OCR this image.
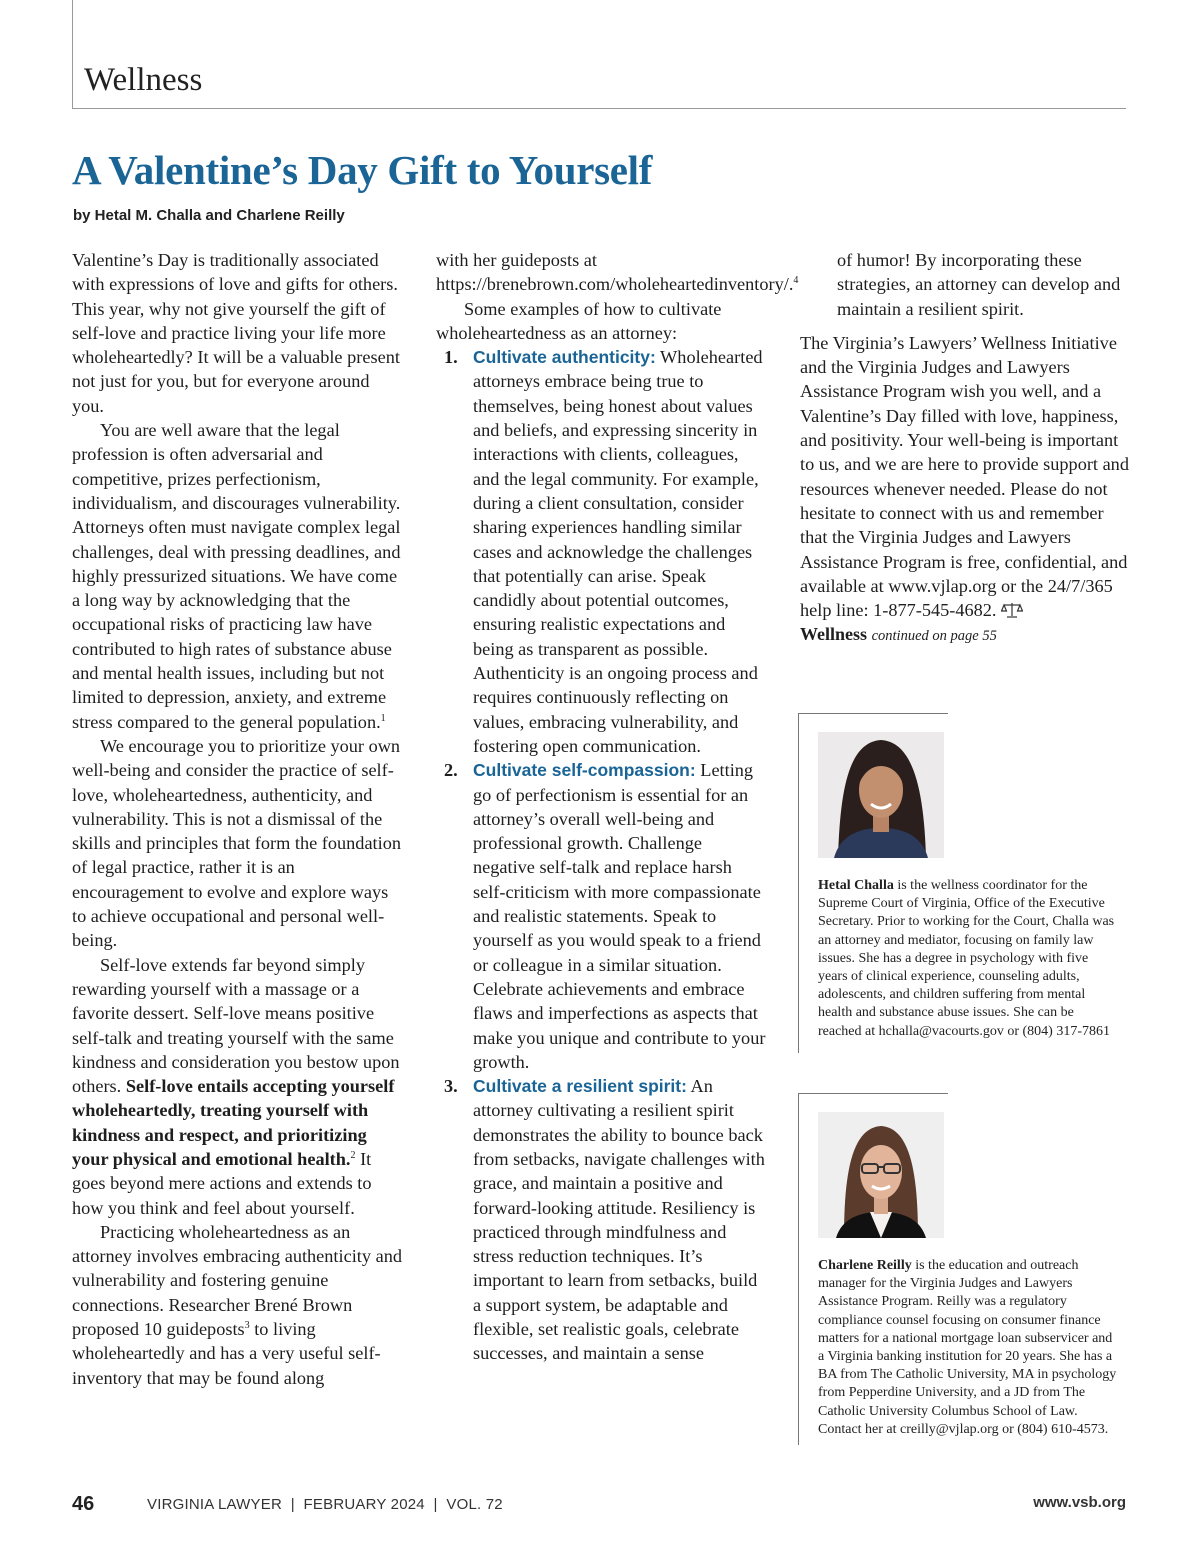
Wellness
A Valentine’s Day Gift to Yourself
by Hetal M. Challa and Charlene Reilly

Valentine’s Day is traditionally associated with expressions of love and gifts for others. This year, why not give yourself the gift of self-love and practice living your life more wholeheartedly? It will be a valuable present not just for you, but for everyone around you.

You are well aware that the legal profession is often adversarial and competitive, prizes perfectionism, individualism, and discourages vulnerability. Attorneys often must navigate complex legal challenges, deal with pressing deadlines, and highly pressurized situations. We have come a long way by acknowledging that the occupational risks of practicing law have contributed to high rates of substance abuse and mental health issues, including but not limited to depression, anxiety, and extreme stress compared to the general population.$^1$

We encourage you to prioritize your own well-being and consider the practice of self-love, wholeheartedness, authenticity, and vulnerability. This is not a dismissal of the skills and principles that form the foundation of legal practice, rather it is an encouragement to evolve and explore ways to achieve occupational and personal well-being.

Self-love extends far beyond simply rewarding yourself with a massage or a favorite dessert. Self-love means positive self-talk and treating yourself with the same kindness and consideration you bestow upon others. Self-love entails accepting yourself wholeheartedly, treating yourself with kindness and respect, and prioritizing your physical and emotional health.$^2$ It goes beyond mere actions and extends to how you think and feel about yourself.

Practicing wholeheartedness as an attorney involves embracing authenticity and vulnerability and fostering genuine connections. Researcher Brené Brown proposed 10 guideposts$^3$ to living wholeheartedly and has a very useful self-inventory that may be found along

with her guideposts at https://brenebrown.com/wholeheartedinventory/.$^4$

Some examples of how to cultivate wholeheartedness as an attorney:

1. Cultivate authenticity: Wholehearted attorneys embrace being true to themselves, being honest about values and beliefs, and expressing sincerity in interactions with clients, colleagues, and the legal community. For example, during a client consultation, consider sharing experiences handling similar cases and acknowledge the challenges that potentially can arise. Speak candidly about potential outcomes, ensuring realistic expectations and being as transparent as possible. Authenticity is an ongoing process and requires continuously reflecting on values, embracing vulnerability, and fostering open communication.
2. Cultivate self-compassion: Letting go of perfectionism is essential for an attorney’s overall well-being and professional growth. Challenge negative self-talk and replace harsh self-criticism with more compassionate and realistic statements. Speak to yourself as you would speak to a friend or colleague in a similar situation. Celebrate achievements and embrace flaws and imperfections as aspects that make you unique and contribute to your growth.
3. Cultivate a resilient spirit: An attorney cultivating a resilient spirit demonstrates the ability to bounce back from setbacks, navigate challenges with grace, and maintain a positive and forward-looking attitude. Resiliency is practiced through mindfulness and stress reduction techniques. It’s important to learn from setbacks, build a support system, be adaptable and flexible, set realistic goals, celebrate successes, and maintain a sense

of humor! By incorporating these strategies, an attorney can develop and maintain a resilient spirit.

The Virginia’s Lawyers’ Wellness Initiative and the Virginia Judges and Lawyers Assistance Program wish you well, and a Valentine’s Day filled with love, happiness, and positivity. Your well-being is important to us, and we are here to provide support and resources whenever needed. Please do not hesitate to connect with us and remember that the Virginia Judges and Lawyers Assistance Program is free, confidential, and available at www.vjlap.org or the 24/7/365 help line: 1-877-545-4682.

Wellness continued on page 55

Hetal Challa is the wellness coordinator for the Supreme Court of Virginia, Office of the Executive Secretary. Prior to working for the Court, Challa was an attorney and mediator, focusing on family law issues. She has a degree in psychology with five years of clinical experience, counseling adults, adolescents, and children suffering from mental health and substance abuse issues. She can be reached at hchalla@vacourts.gov or (804) 317-7861
Charlene Reilly is the education and outreach manager for the Virginia Judges and Lawyers Assistance Program. Reilly was a regulatory compliance counsel focusing on consumer finance matters for a national mortgage loan subservicer and a Virginia banking institution for 20 years. She has a BA from The Catholic University, MA in psychology from Pepperdine University, and a JD from The Catholic University Columbus School of Law. Contact her at creilly@vjlap.org or (804) 610-4573.
46	VIRGINIA LAWYER  |  FEBRUARY 2024  |  VOL. 72	www.vsb.org
